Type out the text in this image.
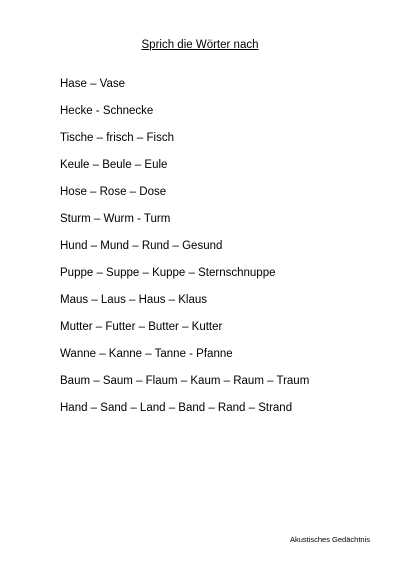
Sprich die Wörter nach
Hase – Vase
Hecke - Schnecke
Tische – frisch – Fisch
Keule – Beule – Eule
Hose – Rose – Dose
Sturm – Wurm - Turm
Hund – Mund – Rund – Gesund
Puppe – Suppe – Kuppe – Sternschnuppe
Maus – Laus – Haus – Klaus
Mutter – Futter – Butter – Kutter
Wanne – Kanne – Tanne - Pfanne
Baum – Saum – Flaum – Kaum – Raum – Traum
Hand – Sand – Land – Band – Rand – Strand
Akustisches Gedächtnis
